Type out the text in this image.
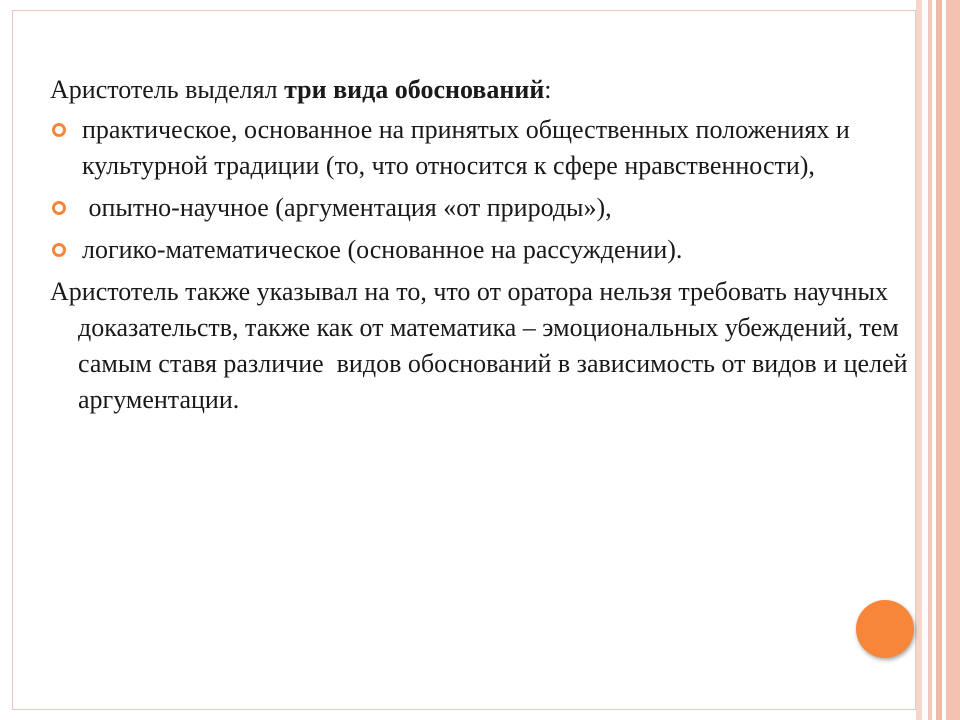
Аристотель выделял три вида обоснований:

практическое, основанное на принятых общественных положениях и культурной традиции (то, что относится к сфере нравственности),
опытно-научное (аргументация «от природы»),
логико-математическое (основанное на рассуждении).

Аристотель также указывал на то, что от оратора нельзя требовать научных доказательств, также как от математика – эмоциональных убеждений, тем самым ставя различие  видов обоснований в зависимость от видов и целей аргументации.
